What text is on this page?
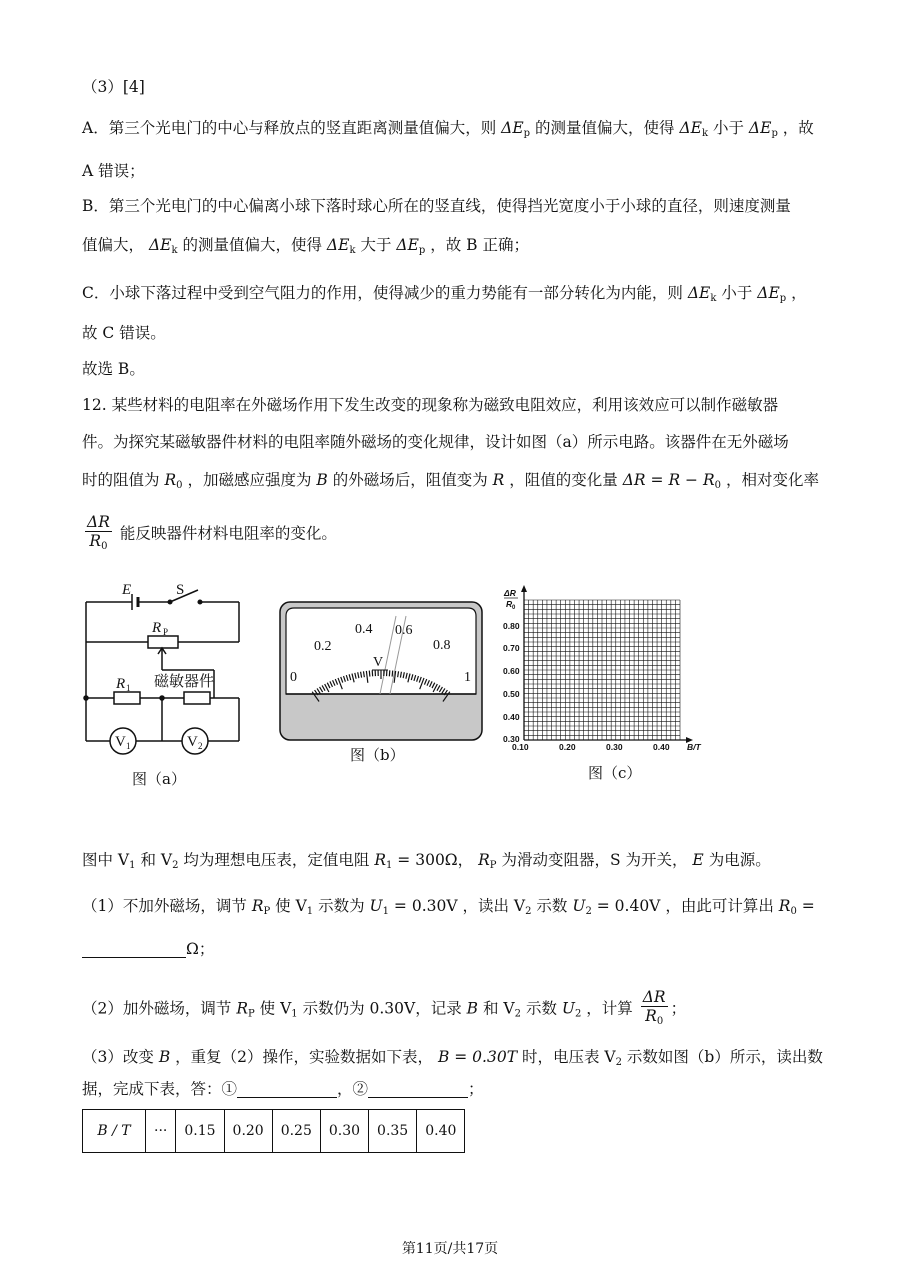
（3）[4]
A．第三个光电门的中心与释放点的竖直距离测量值偏大，则 $\Delta E_p$ 的测量值偏大，使得 $\Delta E_k$ 小于 $\Delta E_p$ ，故
A 错误；
B．第三个光电门的中心偏离小球下落时球心所在的竖直线，使得挡光宽度小于小球的直径，则速度测量
值偏大， $\Delta E_k$ 的测量值偏大，使得 $\Delta E_k$ 大于 $\Delta E_p$ ，故 B 正确；
C．小球下落过程中受到空气阻力的作用，使得减少的重力势能有一部分转化为内能，则 $\Delta E_k$ 小于 $\Delta E_p$ ，
故 C 错误。
故选 B。
12. 某些材料的电阻率在外磁场作用下发生改变的现象称为磁致电阻效应，利用该效应可以制作磁敏器
件。为探究某磁敏器件材料的电阻率随外磁场的变化规律，设计如图（a）所示电路。该器件在无外磁场
时的阻值为 $R_0$ ，加磁感应强度为 B 的外磁场后，阻值变为 R ，阻值的变化量 $\Delta R = R - R_0$ ，相对变化率
$\frac{\Delta R}{R_0}$ 能反映器件材料电阻率的变化。
E	S
R P
R 1 磁敏器件
V 1	V 2
图（a）
0
0.2
0.4 0.6
0.8
1
V
图（b）
ΔR
R 0
0.80
0.70
0.60
0.50
0.40
0.30
0.10	0.20	0.30	0.40 B/T
图（c）
图中 $V_1$ 和 $V_2$ 均为理想电压表，定值电阻 $R_1 = 300\Omega$， $R_P$ 为滑动变阻器，S 为开关， E 为电源。
（1）不加外磁场，调节 $R_P$ 使 $V_1$ 示数为 $U_1 = 0.30V$ ，读出 $V_2$ 示数 $U_2 = 0.40V$ ，由此可计算出 $R_0$ =
Ω；
（2）加外磁场，调节 $R_P$ 使 $V_1$ 示数仍为 0.30V，记录 B 和 $V_2$ 示数 $U_2$ ，计算 $\frac{\Delta R}{R_0}$ ；
（3）改变 B ，重复（2）操作，实验数据如下表， B = 0.30T 时，电压表 $V_2$ 示数如图（b）所示，读出数
据，完成下表，答：①	，②	；
B / T	···	0.15	0.20	0.25	0.30	0.35	0.40
第11页/共17页
